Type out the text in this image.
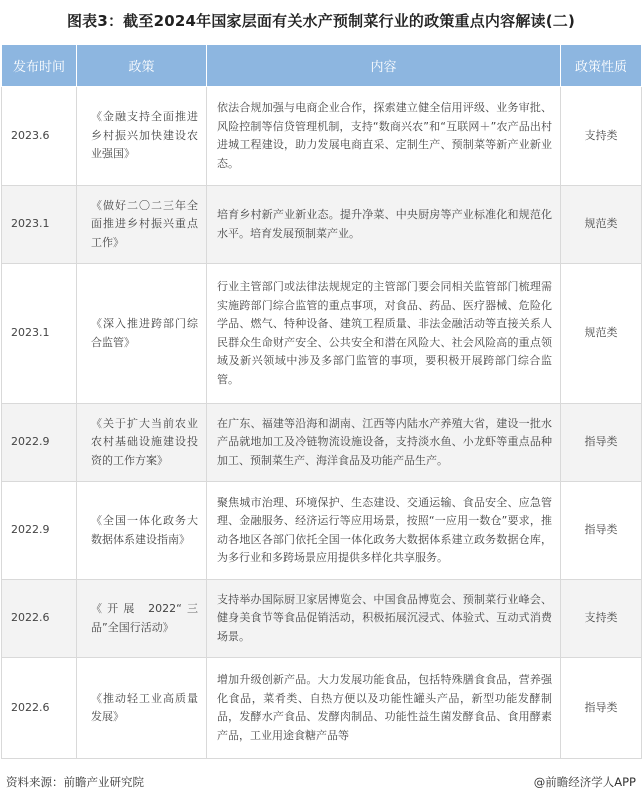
图表3：截至2024年国家层面有关水产预制菜行业的政策重点内容解读(二)
发布时间	政策	内容	政策性质
2023.6	《金融支持全面推进乡村振兴加快建设农业强国》	依法合规加强与电商企业合作，探索建立健全信用评级、业务审批、风险控制等信贷管理机制，支持“数商兴农”和“互联网＋”农产品出村进城工程建设，助力发展电商直采、定制生产、预制菜等新产业新业态。	支持类
2023.1	《做好二〇二三年全面推进乡村振兴重点工作》	培育乡村新产业新业态。提升净菜、中央厨房等产业标准化和规范化水平。培育发展预制菜产业。	规范类
2023.1	《深入推进跨部门综合监管》	行业主管部门或法律法规规定的主管部门要会同相关监管部门梳理需实施跨部门综合监管的重点事项，对食品、药品、医疗器械、危险化学品、燃气、特种设备、建筑工程质量、非法金融活动等直接关系人民群众生命财产安全、公共安全和潜在风险大、社会风险高的重点领域及新兴领域中涉及多部门监管的事项，要积极开展跨部门综合监管。	规范类
2022.9	《关于扩大当前农业农村基础设施建设投资的工作方案》	在广东、福建等沿海和湖南、江西等内陆水产养殖大省，建设一批水产品就地加工及冷链物流设施设备，支持淡水鱼、小龙虾等重点品种加工、预制菜生产、海洋食品及功能产品生产。	指导类
2022.9	《全国一体化政务大数据体系建设指南》	聚焦城市治理、环境保护、生态建设、交通运输、食品安全、应急管理、金融服务、经济运行等应用场景，按照“一应用一数仓”要求，推动各地区各部门依托全国一体化政务大数据体系建立政务数据仓库，为多行业和多跨场景应用提供多样化共享服务。	指导类
2022.6	《开展 2022“三品”全国行活动》	支持举办国际厨卫家居博览会、中国食品博览会、预制菜行业峰会、健身美食节等食品促销活动，积极拓展沉浸式、体验式、互动式消费场景。	支持类
2022.6	《推动轻工业高质量发展》	增加升级创新产品。大力发展功能食品，包括特殊膳食食品，营养强化食品，菜肴类、自热方便以及功能性罐头产品，新型功能发酵制品，发酵水产食品、发酵肉制品、功能性益生菌发酵食品、食用酵素产品，工业用途食糖产品等	指导类
资料来源：前瞻产业研究院	@前瞻经济学人APP
